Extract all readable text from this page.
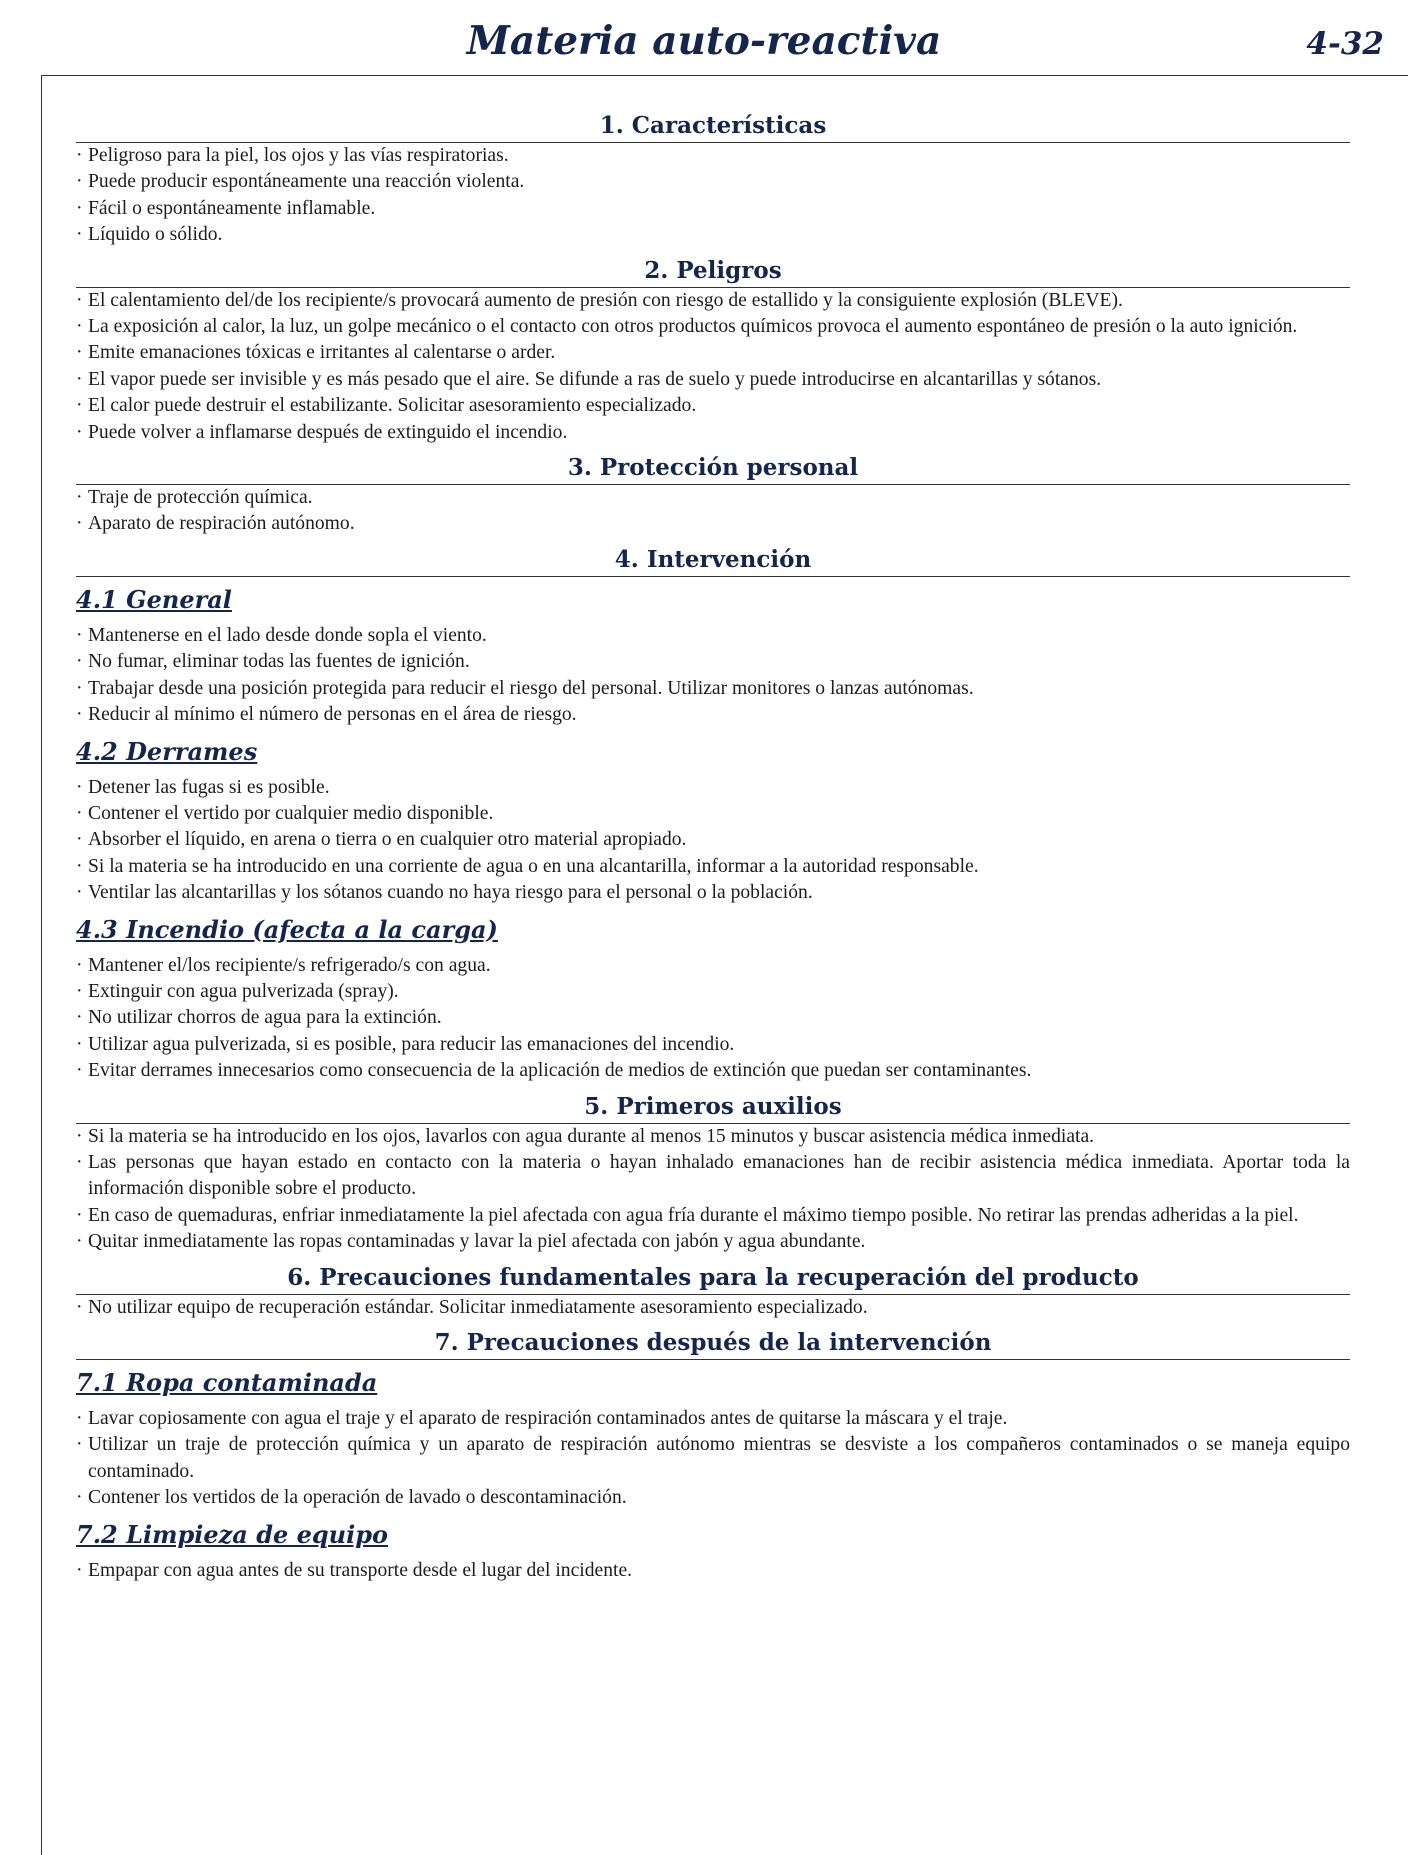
Materia auto-reactiva	4-32
1. Características
· Peligroso para la piel, los ojos y las vías respiratorias.
· Puede producir espontáneamente una reacción violenta.
· Fácil o espontáneamente inflamable.
· Líquido o sólido.
2. Peligros
· El calentamiento del/de los recipiente/s provocará aumento de presión con riesgo de estallido y la consiguiente explosión (BLEVE).
· La exposición al calor, la luz, un golpe mecánico o el contacto con otros productos químicos provoca el aumento espontáneo de presión o la auto ignición.
· Emite emanaciones tóxicas e irritantes al calentarse o arder.
· El vapor puede ser invisible y es más pesado que el aire. Se difunde a ras de suelo y puede introducirse en alcantarillas y sótanos.
· El calor puede destruir el estabilizante. Solicitar asesoramiento especializado.
· Puede volver a inflamarse después de extinguido el incendio.
3. Protección personal
· Traje de protección química.
· Aparato de respiración autónomo.
4. Intervención
4.1 General
· Mantenerse en el lado desde donde sopla el viento.
· No fumar, eliminar todas las fuentes de ignición.
· Trabajar desde una posición protegida para reducir el riesgo del personal. Utilizar monitores o lanzas autónomas.
· Reducir al mínimo el número de personas en el área de riesgo.
4.2 Derrames
· Detener las fugas si es posible.
· Contener el vertido por cualquier medio disponible.
· Absorber el líquido, en arena o tierra o en cualquier otro material apropiado.
· Si la materia se ha introducido en una corriente de agua o en una alcantarilla, informar a la autoridad responsable.
· Ventilar las alcantarillas y los sótanos cuando no haya riesgo para el personal o la población.
4.3 Incendio (afecta a la carga)
· Mantener el/los recipiente/s refrigerado/s con agua.
· Extinguir con agua pulverizada (spray).
· No utilizar chorros de agua para la extinción.
· Utilizar agua pulverizada, si es posible, para reducir las emanaciones del incendio.
· Evitar derrames innecesarios como consecuencia de la aplicación de medios de extinción que puedan ser contaminantes.
5. Primeros auxilios
· Si la materia se ha introducido en los ojos, lavarlos con agua durante al menos 15 minutos y buscar asistencia médica inmediata.
· Las personas que hayan estado en contacto con la materia o hayan inhalado emanaciones han de recibir asistencia médica inmediata. Aportar toda la información disponible sobre el producto.
· En caso de quemaduras, enfriar inmediatamente la piel afectada con agua fría durante el máximo tiempo posible. No retirar las prendas adheridas a la piel.
· Quitar inmediatamente las ropas contaminadas y lavar la piel afectada con jabón y agua abundante.
6. Precauciones fundamentales para la recuperación del producto
· No utilizar equipo de recuperación estándar. Solicitar inmediatamente asesoramiento especializado.
7. Precauciones después de la intervención
7.1 Ropa contaminada
· Lavar copiosamente con agua el traje y el aparato de respiración contaminados antes de quitarse la máscara y el traje.
· Utilizar un traje de protección química y un aparato de respiración autónomo mientras se desviste a los compañeros contaminados o se maneja equipo contaminado.
· Contener los vertidos de la operación de lavado o descontaminación.
7.2 Limpieza de equipo
· Empapar con agua antes de su transporte desde el lugar del incidente.
